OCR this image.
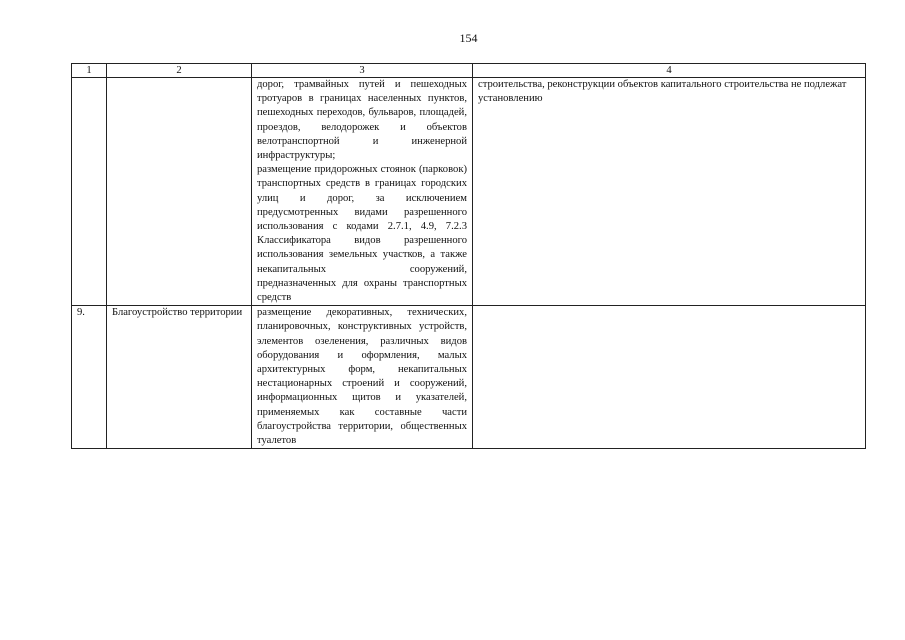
154
1	2	3	4

		дорог, трамвайных путей и пешеходных тротуаров в границах населенных пунктов, пешеходных переходов, бульваров, площадей, проездов, велодорожек и объектов велотранспортной и инженерной инфраструктуры;

размещение придорожных стоянок (парковок) транспортных средств в границах городских улиц и дорог, за исключением предусмотренных видами разрешенного использования с кодами 2.7.1, 4.9, 7.2.3 Классификатора видов разрешенного использования земельных участков, а также некапитальных сооружений, предназначенных для охраны транспортных средств	строительства, реконструкции объектов капитального строительства не подлежат установлению
9.	Благоустройство территории	размещение декоративных, технических, планировочных, конструктивных устройств, элементов озеленения, различных видов оборудования и оформления, малых архитектурных форм, некапитальных нестационарных строений и сооружений, информационных щитов и указателей, применяемых как составные части благоустройства территории, общественных туалетов	
